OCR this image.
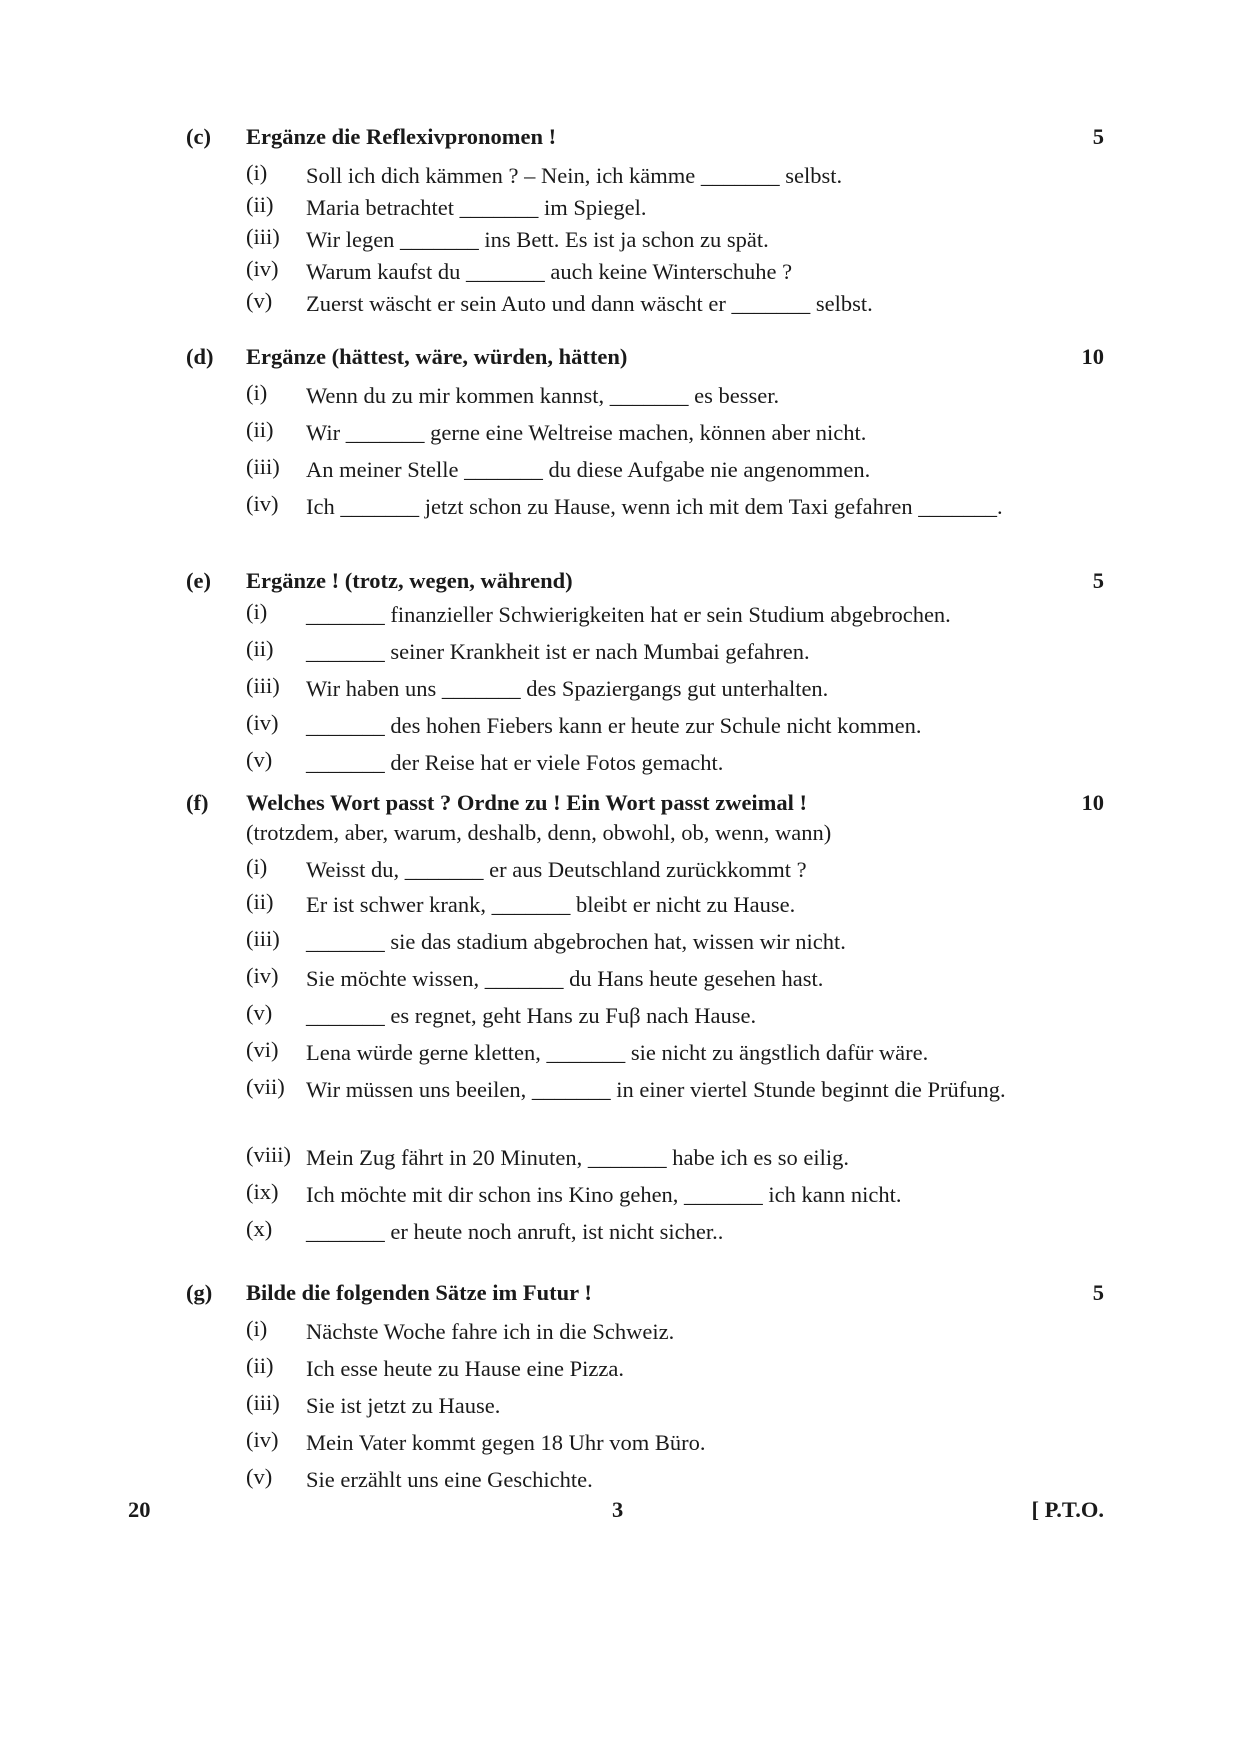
(c) Ergänze die Reflexivpronomen !	5
(i) Soll ich dich kämmen ? – Nein, ich kämme _______ selbst.
(ii) Maria betrachtet _______ im Spiegel.
(iii) Wir legen _______ ins Bett. Es ist ja schon zu spät.
(iv) Warum kaufst du _______ auch keine Winterschuhe ?
(v) Zuerst wäscht er sein Auto und dann wäscht er _______ selbst.
(d) Ergänze (hättest, wäre, würden, hätten)	10
(i) Wenn du zu mir kommen kannst, _______ es besser.
(ii) Wir _______ gerne eine Weltreise machen, können aber nicht.
(iii) An meiner Stelle _______ du diese Aufgabe nie angenommen.
(iv) Ich _______ jetzt schon zu Hause, wenn ich mit dem Taxi gefahren _______.
(e) Ergänze ! (trotz, wegen, während)	5
(i) _______ finanzieller Schwierigkeiten hat er sein Studium abgebrochen.
(ii) _______ seiner Krankheit ist er nach Mumbai gefahren.
(iii) Wir haben uns _______ des Spaziergangs gut unterhalten.
(iv) _______ des hohen Fiebers kann er heute zur Schule nicht kommen.
(v) _______ der Reise hat er viele Fotos gemacht.
(f) Welches Wort passt ? Ordne zu ! Ein Wort passt zweimal !	10
(trotzdem, aber, warum, deshalb, denn, obwohl, ob, wenn, wann)
(i) Weisst du, _______ er aus Deutschland zurückkommt ?
(ii) Er ist schwer krank, _______ bleibt er nicht zu Hause.
(iii) _______ sie das stadium abgebrochen hat, wissen wir nicht.
(iv) Sie möchte wissen, _______ du Hans heute gesehen hast.
(v) _______ es regnet, geht Hans zu Fuβ nach Hause.
(vi) Lena würde gerne kletten, _______ sie nicht zu ängstlich dafür wäre.
(vii) Wir müssen uns beeilen, _______ in einer viertel Stunde beginnt die Prüfung.
(viii) Mein Zug fährt in 20 Minuten, _______ habe ich es so eilig.
(ix) Ich möchte mit dir schon ins Kino gehen, _______ ich kann nicht.
(x) _______ er heute noch anruft, ist nicht sicher..
(g) Bilde die folgenden Sätze im Futur !	5
(i) Nächste Woche fahre ich in die Schweiz.
(ii) Ich esse heute zu Hause eine Pizza.
(iii) Sie ist jetzt zu Hause.
(iv) Mein Vater kommt gegen 18 Uhr vom Büro.
(v) Sie erzählt uns eine Geschichte.
20	3	[ P.T.O.
